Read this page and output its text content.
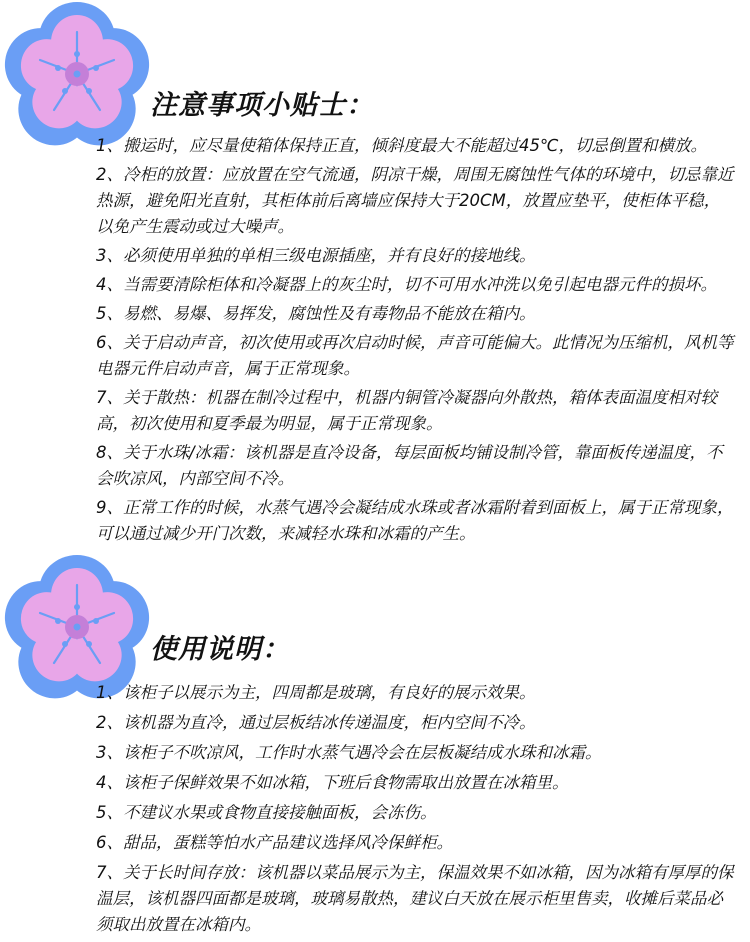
注意事项小贴士：
1、搬运时，应尽量使箱体保持正直，倾斜度最大不能超过45℃，切忌倒置和横放。
2、冷柜的放置：应放置在空气流通，阴凉干燥，周围无腐蚀性气体的环境中，切忌靠近热源，避免阳光直射，其柜体前后离墙应保持大于20CM，放置应垫平，使柜体平稳，以免产生震动或过大噪声。
3、必须使用单独的单相三级电源插座，并有良好的接地线。
4、当需要清除柜体和冷凝器上的灰尘时，切不可用水冲洗以免引起电器元件的损坏。
5、易燃、易爆、易挥发，腐蚀性及有毒物品不能放在箱内。
6、关于启动声音，初次使用或再次启动时候，声音可能偏大。此情况为压缩机，风机等电器元件启动声音，属于正常现象。
7、关于散热：机器在制冷过程中，机器内铜管冷凝器向外散热，箱体表面温度相对较高，初次使用和夏季最为明显，属于正常现象。
8、关于水珠/冰霜：该机器是直冷设备，每层面板均铺设制冷管，靠面板传递温度，不会吹凉风，内部空间不冷。
9、正常工作的时候，水蒸气遇冷会凝结成水珠或者冰霜附着到面板上，属于正常现象，可以通过减少开门次数，来减轻水珠和冰霜的产生。
使用说明：
1、该柜子以展示为主，四周都是玻璃，有良好的展示效果。
2、该机器为直冷，通过层板结冰传递温度，柜内空间不冷。
3、该柜子不吹凉风，工作时水蒸气遇冷会在层板凝结成水珠和冰霜。
4、该柜子保鲜效果不如冰箱，下班后食物需取出放置在冰箱里。
5、不建议水果或食物直接接触面板，会冻伤。
6、甜品，蛋糕等怕水产品建议选择风冷保鲜柜。
7、关于长时间存放：该机器以菜品展示为主，保温效果不如冰箱，因为冰箱有厚厚的保温层，该机器四面都是玻璃，玻璃易散热，建议白天放在展示柜里售卖，收摊后菜品必须取出放置在冰箱内。
